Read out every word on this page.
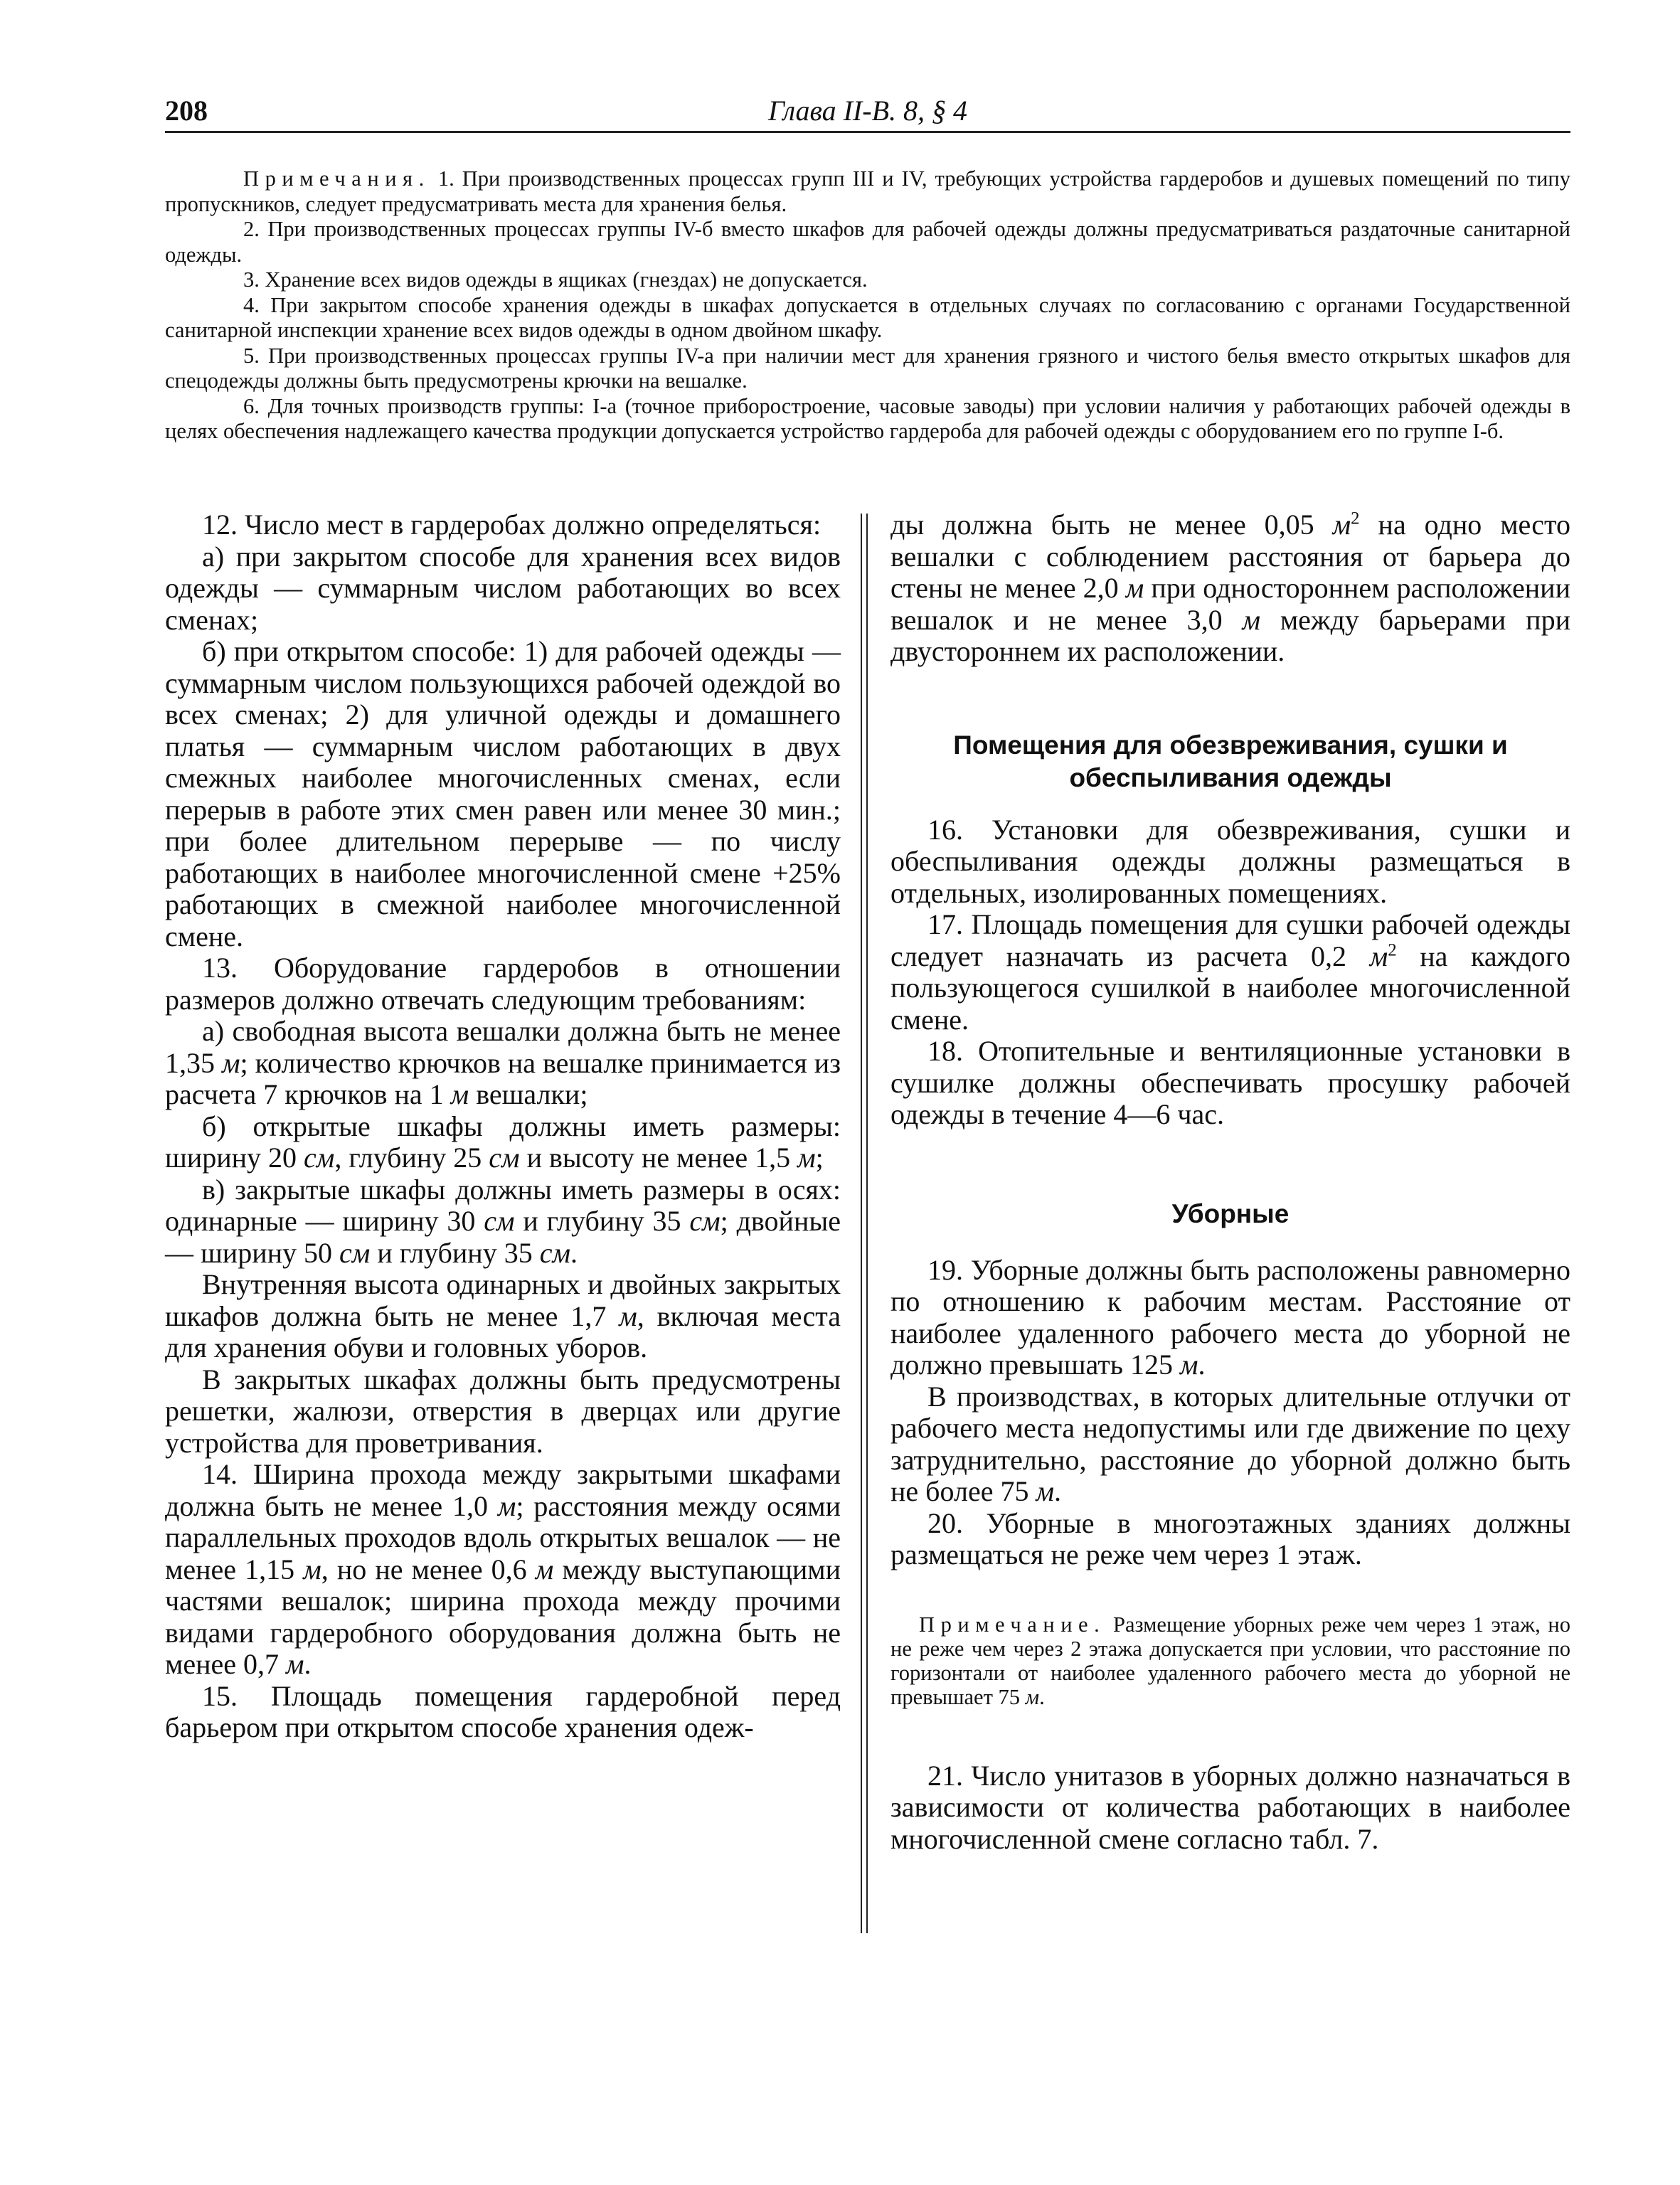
208	Глава II-В. 8, § 4

Примечания. 1. При производственных процессах групп III и IV, требующих устройства гардеробов и душевых помещений по типу пропускников, следует предусматривать места для хранения белья.

2. При производственных процессах группы IV-б вместо шкафов для рабочей одежды должны предусматриваться раздаточные санитарной одежды.

3. Хранение всех видов одежды в ящиках (гнездах) не допускается.

4. При закрытом способе хранения одежды в шкафах допускается в отдельных случаях по согласованию с органами Государственной санитарной инспекции хранение всех видов одежды в одном двойном шкафу.

5. При производственных процессах группы IV-а при наличии мест для хранения грязного и чистого белья вместо открытых шкафов для спецодежды должны быть предусмотрены крючки на вешалке.

6. Для точных производств группы: I-а (точное приборостроение, часовые заводы) при условии наличия у работающих рабочей одежды в целях обеспечения надлежащего качества продукции допускается устройство гардероба для рабочей одежды с оборудованием его по группе I-б.

12. Число мест в гардеробах должно определяться:

а) при закрытом способе для хранения всех видов одежды — суммарным числом работающих во всех сменах;

б) при открытом способе: 1) для рабочей одежды — суммарным числом пользующихся рабочей одеждой во всех сменах; 2) для уличной одежды и домашнего платья — суммарным числом работающих в двух смежных наиболее многочисленных сменах, если перерыв в работе этих смен равен или менее 30 мин.; при более длительном перерыве — по числу работающих в наиболее многочисленной смене +25% работающих в смежной наиболее многочисленной смене.

13. Оборудование гардеробов в отношении размеров должно отвечать следующим требованиям:

а) свободная высота вешалки должна быть не менее 1,35 м; количество крючков на вешалке принимается из расчета 7 крючков на 1 м вешалки;

б) открытые шкафы должны иметь размеры: ширину 20 см, глубину 25 см и высоту не менее 1,5 м;

в) закрытые шкафы должны иметь размеры в осях: одинарные — ширину 30 см и глубину 35 см; двойные — ширину 50 см и глубину 35 см.

Внутренняя высота одинарных и двойных закрытых шкафов должна быть не менее 1,7 м, включая места для хранения обуви и головных уборов.

В закрытых шкафах должны быть предусмотрены решетки, жалюзи, отверстия в дверцах или другие устройства для проветривания.

14. Ширина прохода между закрытыми шкафами должна быть не менее 1,0 м; расстояния между осями параллельных проходов вдоль открытых вешалок — не менее 1,15 м, но не менее 0,6 м между выступающими частями вешалок; ширина прохода между прочими видами гардеробного оборудования должна быть не менее 0,7 м.

15. Площадь помещения гардеробной перед барьером при открытом способе хранения одеж-

ды должна быть не менее 0,05 $м^2$ на одно место вешалки с соблюдением расстояния от барьера до стены не менее 2,0 м при одностороннем расположении вешалок и не менее 3,0 м между барьерами при двустороннем их расположении.

Помещения для обезвреживания, сушки и обеспыливания одежды

16. Установки для обезвреживания, сушки и обеспыливания одежды должны размещаться в отдельных, изолированных помещениях.

17. Площадь помещения для сушки рабочей одежды следует назначать из расчета 0,2 $м^2$ на каждого пользующегося сушилкой в наиболее многочисленной смене.

18. Отопительные и вентиляционные установки в сушилке должны обеспечивать просушку рабочей одежды в течение 4—6 час.

Уборные

19. Уборные должны быть расположены равномерно по отношению к рабочим местам. Расстояние от наиболее удаленного рабочего места до уборной не должно превышать 125 м.

В производствах, в которых длительные отлучки от рабочего места недопустимы или где движение по цеху затруднительно, расстояние до уборной должно быть не более 75 м.

20. Уборные в многоэтажных зданиях должны размещаться не реже чем через 1 этаж.

Примечание. Размещение уборных реже чем через 1 этаж, но не реже чем через 2 этажа допускается при условии, что расстояние по горизонтали от наиболее удаленного рабочего места до уборной не превышает 75 м.

21. Число унитазов в уборных должно назначаться в зависимости от количества работающих в наиболее многочисленной смене согласно табл. 7.
